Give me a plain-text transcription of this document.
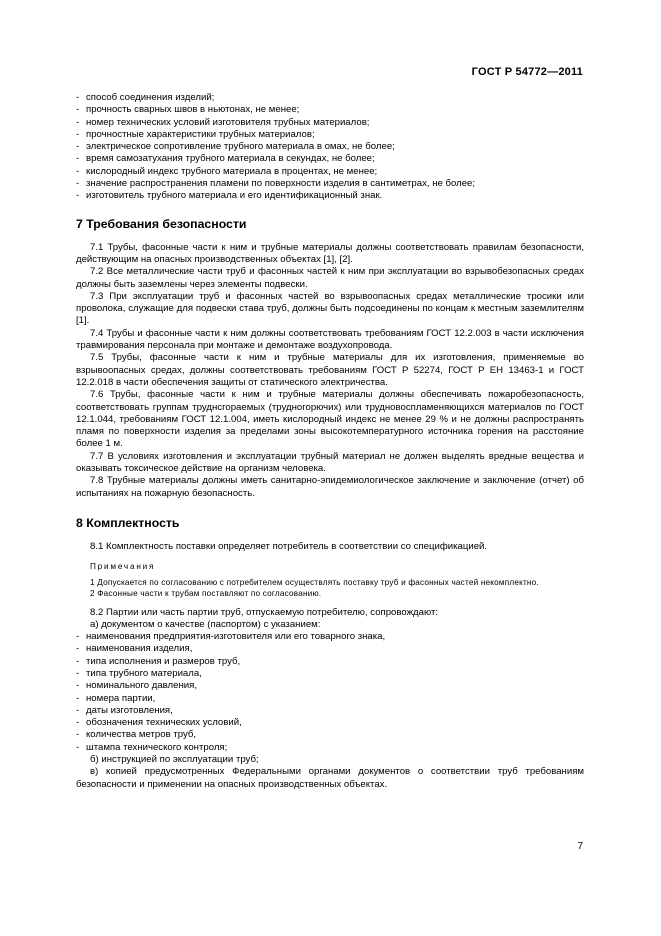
ГОСТ Р 54772—2011
- способ соединения изделий;
- прочность сварных швов в ньютонах, не менее;
- номер технических условий изготовителя трубных материалов;
- прочностные характеристики трубных материалов;
- электрическое сопротивление трубного материала в омах, не более;
- время самозатухания трубного материала в секундах, не более;
- кислородный индекс трубного материала в процентах, не менее;
- значение распространения пламени по поверхности изделия в сантиметрах, не более;
- изготовитель трубного материала и его идентификационный знак.
7 Требования безопасности

7.1 Трубы, фасонные части к ним и трубные материалы должны соответствовать правилам безопасности, действующим на опасных производственных объектах [1], [2].

7.2 Все металлические части труб и фасонных частей к ним при эксплуатации во взрывобезопасных средах должны быть заземлены через элементы подвески.

7.3 При эксплуатации труб и фасонных частей во взрывоопасных средах металлические тросики или проволока, служащие для подвески става труб, должны быть подсоединены по концам к местным заземлителям [1].

7.4 Трубы и фасонные части к ним должны соответствовать требованиям ГОСТ 12.2.003 в части исключения травмирования персонала при монтаже и демонтаже воздухопровода.

7.5 Трубы, фасонные части к ним и трубные материалы для их изготовления, применяемые во взрывоопасных средах, должны соответствовать требованиям ГОСТ Р 52274, ГОСТ Р ЕН 13463-1 и ГОСТ 12.2.018 в части обеспечения защиты от статического электричества.

7.6 Трубы, фасонные части к ним и трубные материалы должны обеспечивать пожаробезопасность, соответствовать группам труднсгораемых (трудногорючих) или трудновоспламеняющихся материалов по ГОСТ 12.1.044, требованиям ГОСТ 12.1.004, иметь кислородный индекс не менее 29 % и не должны распространять пламя по поверхности изделия за пределами зоны высокотемпературного источника горения на расстояние более 1 м.

7.7 В условиях изготовления и эксплуатации трубный материал не должен выделять вредные вещества и оказывать токсическое действие на организм человека.

7.8 Трубные материалы должны иметь санитарно-эпидемиологическое заключение и заключение (отчет) об испытаниях на пожарную безопасность.

8 Комплектность

8.1 Комплектность поставки определяет потребитель в соответствии со спецификацией.

Примечания

1 Допускается по согласованию с потребителем осуществлять поставку труб и фасонных частей некомплектно.

2 Фасонные части к трубам поставляют по согласованию.

8.2 Партии или часть партии труб, отпускаемую потребителю, сопровождают:

а) документом о качестве (паспортом) с указанием:

- наименования предприятия-изготовителя или его товарного знака,
- наименования изделия,
- типа исполнения и размеров труб,
- типа трубного материала,
- номинального давления,
- номера партии,
- даты изготовления,
- обозначения технических условий,
- количества метров труб,
- штампа технического контроля;

б) инструкцией по эксплуатации труб;

в) копией предусмотренных Федеральными органами документов о соответствии труб требованиям безопасности и применении на опасных производственных объектах.

7
